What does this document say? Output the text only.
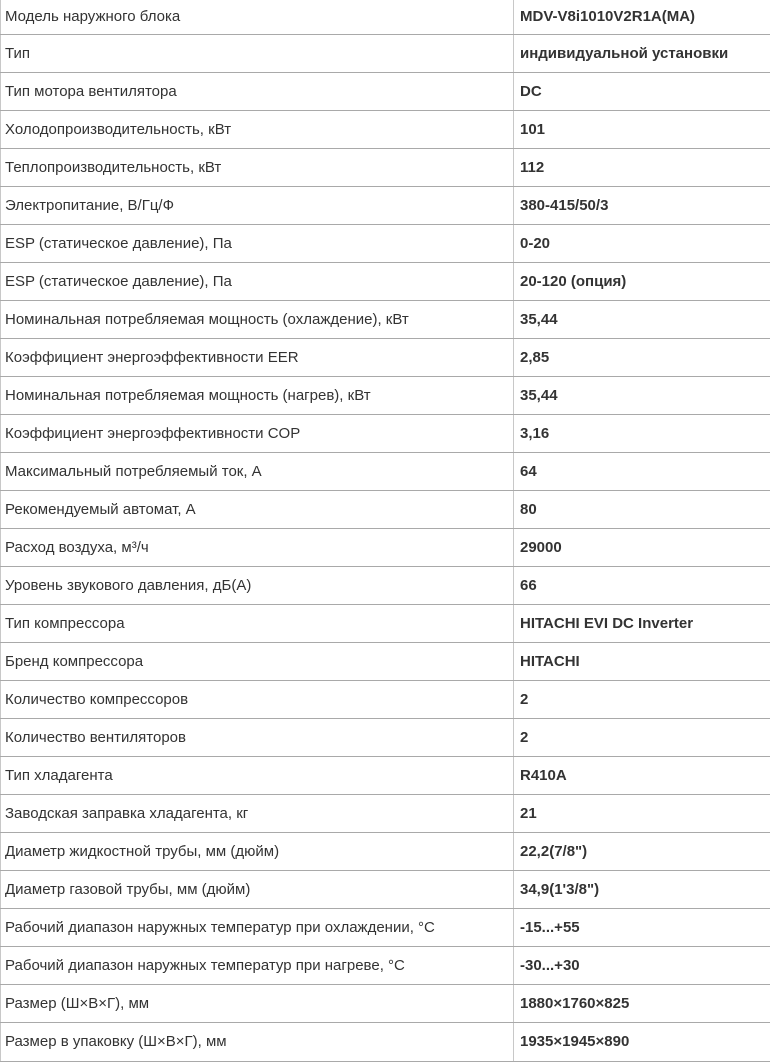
Модель наружного блока	MDV-V8i1010V2R1A(MA)
Тип	индивидуальной установки
Тип мотора вентилятора	DC
Холодопроизводительность, кВт	101
Теплопроизводительность, кВт	112
Электропитание, В/Гц/Ф	380-415/50/3
ESP (статическое давление), Па	0-20
ESP (статическое давление), Па	20-120 (опция)
Номинальная потребляемая мощность (охлаждение), кВт	35,44
Коэффициент энергоэффективности EER	2,85
Номинальная потребляемая мощность (нагрев), кВт	35,44
Коэффициент энергоэффективности COP	3,16
Максимальный потребляемый ток, А	64
Рекомендуемый автомат, А	80
Расход воздуха, м³/ч	29000
Уровень звукового давления, дБ(А)	66
Тип компрессора	HITACHI EVI DC Inverter
Бренд компрессора	HITACHI
Количество компрессоров	2
Количество вентиляторов	2
Тип хладагента	R410A
Заводская заправка хладагента, кг	21
Диаметр жидкостной трубы, мм (дюйм)	22,2(7/8")
Диаметр газовой трубы, мм (дюйм)	34,9(1'3/8")
Рабочий диапазон наружных температур при охлаждении, °С	-15...+55
Рабочий диапазон наружных температур при нагреве, °С	-30...+30
Размер (Ш×В×Г), мм	1880×1760×825
Размер в упаковку (Ш×В×Г), мм	1935×1945×890
